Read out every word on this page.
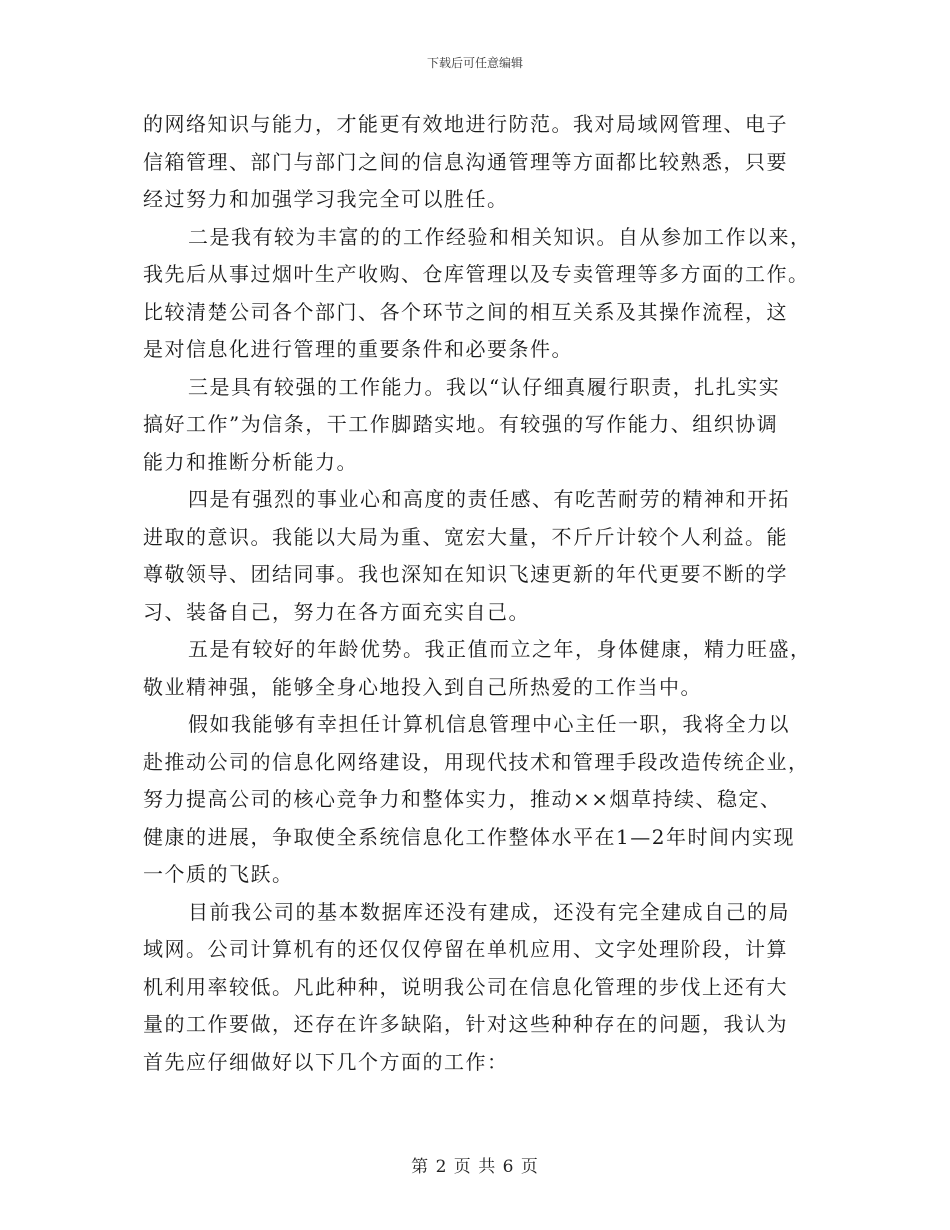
下载后可任意编辑
的网络知识与能力，才能更有效地进行防范。我对局域网管理、电子
信箱管理、部门与部门之间的信息沟通管理等方面都比较熟悉，只要
经过努力和加强学习我完全可以胜任。
二是我有较为丰富的的工作经验和相关知识。自从参加工作以来，
我先后从事过烟叶生产收购、仓库管理以及专卖管理等多方面的工作。
比较清楚公司各个部门、各个环节之间的相互关系及其操作流程，这
是对信息化进行管理的重要条件和必要条件。
三是具有较强的工作能力。我以“认仔细真履行职责，扎扎实实
搞好工作”为信条，干工作脚踏实地。有较强的写作能力、组织协调
能力和推断分析能力。
四是有强烈的事业心和高度的责任感、有吃苦耐劳的精神和开拓
进取的意识。我能以大局为重、宽宏大量，不斤斤计较个人利益。能
尊敬领导、团结同事。我也深知在知识飞速更新的年代更要不断的学
习、装备自己，努力在各方面充实自己。
五是有较好的年龄优势。我正值而立之年，身体健康，精力旺盛，
敬业精神强，能够全身心地投入到自己所热爱的工作当中。
假如我能够有幸担任计算机信息管理中心主任一职，我将全力以
赴推动公司的信息化网络建设，用现代技术和管理手段改造传统企业，
努力提高公司的核心竞争力和整体实力，推动××烟草持续、稳定、
健康的进展，争取使全系统信息化工作整体水平在1—2年时间内实现
一个质的飞跃。
目前我公司的基本数据库还没有建成，还没有完全建成自己的局
域网。公司计算机有的还仅仅停留在单机应用、文字处理阶段，计算
机利用率较低。凡此种种，说明我公司在信息化管理的步伐上还有大
量的工作要做，还存在许多缺陷，针对这些种种存在的问题，我认为
首先应仔细做好以下几个方面的工作：
第 2 页 共 6 页
